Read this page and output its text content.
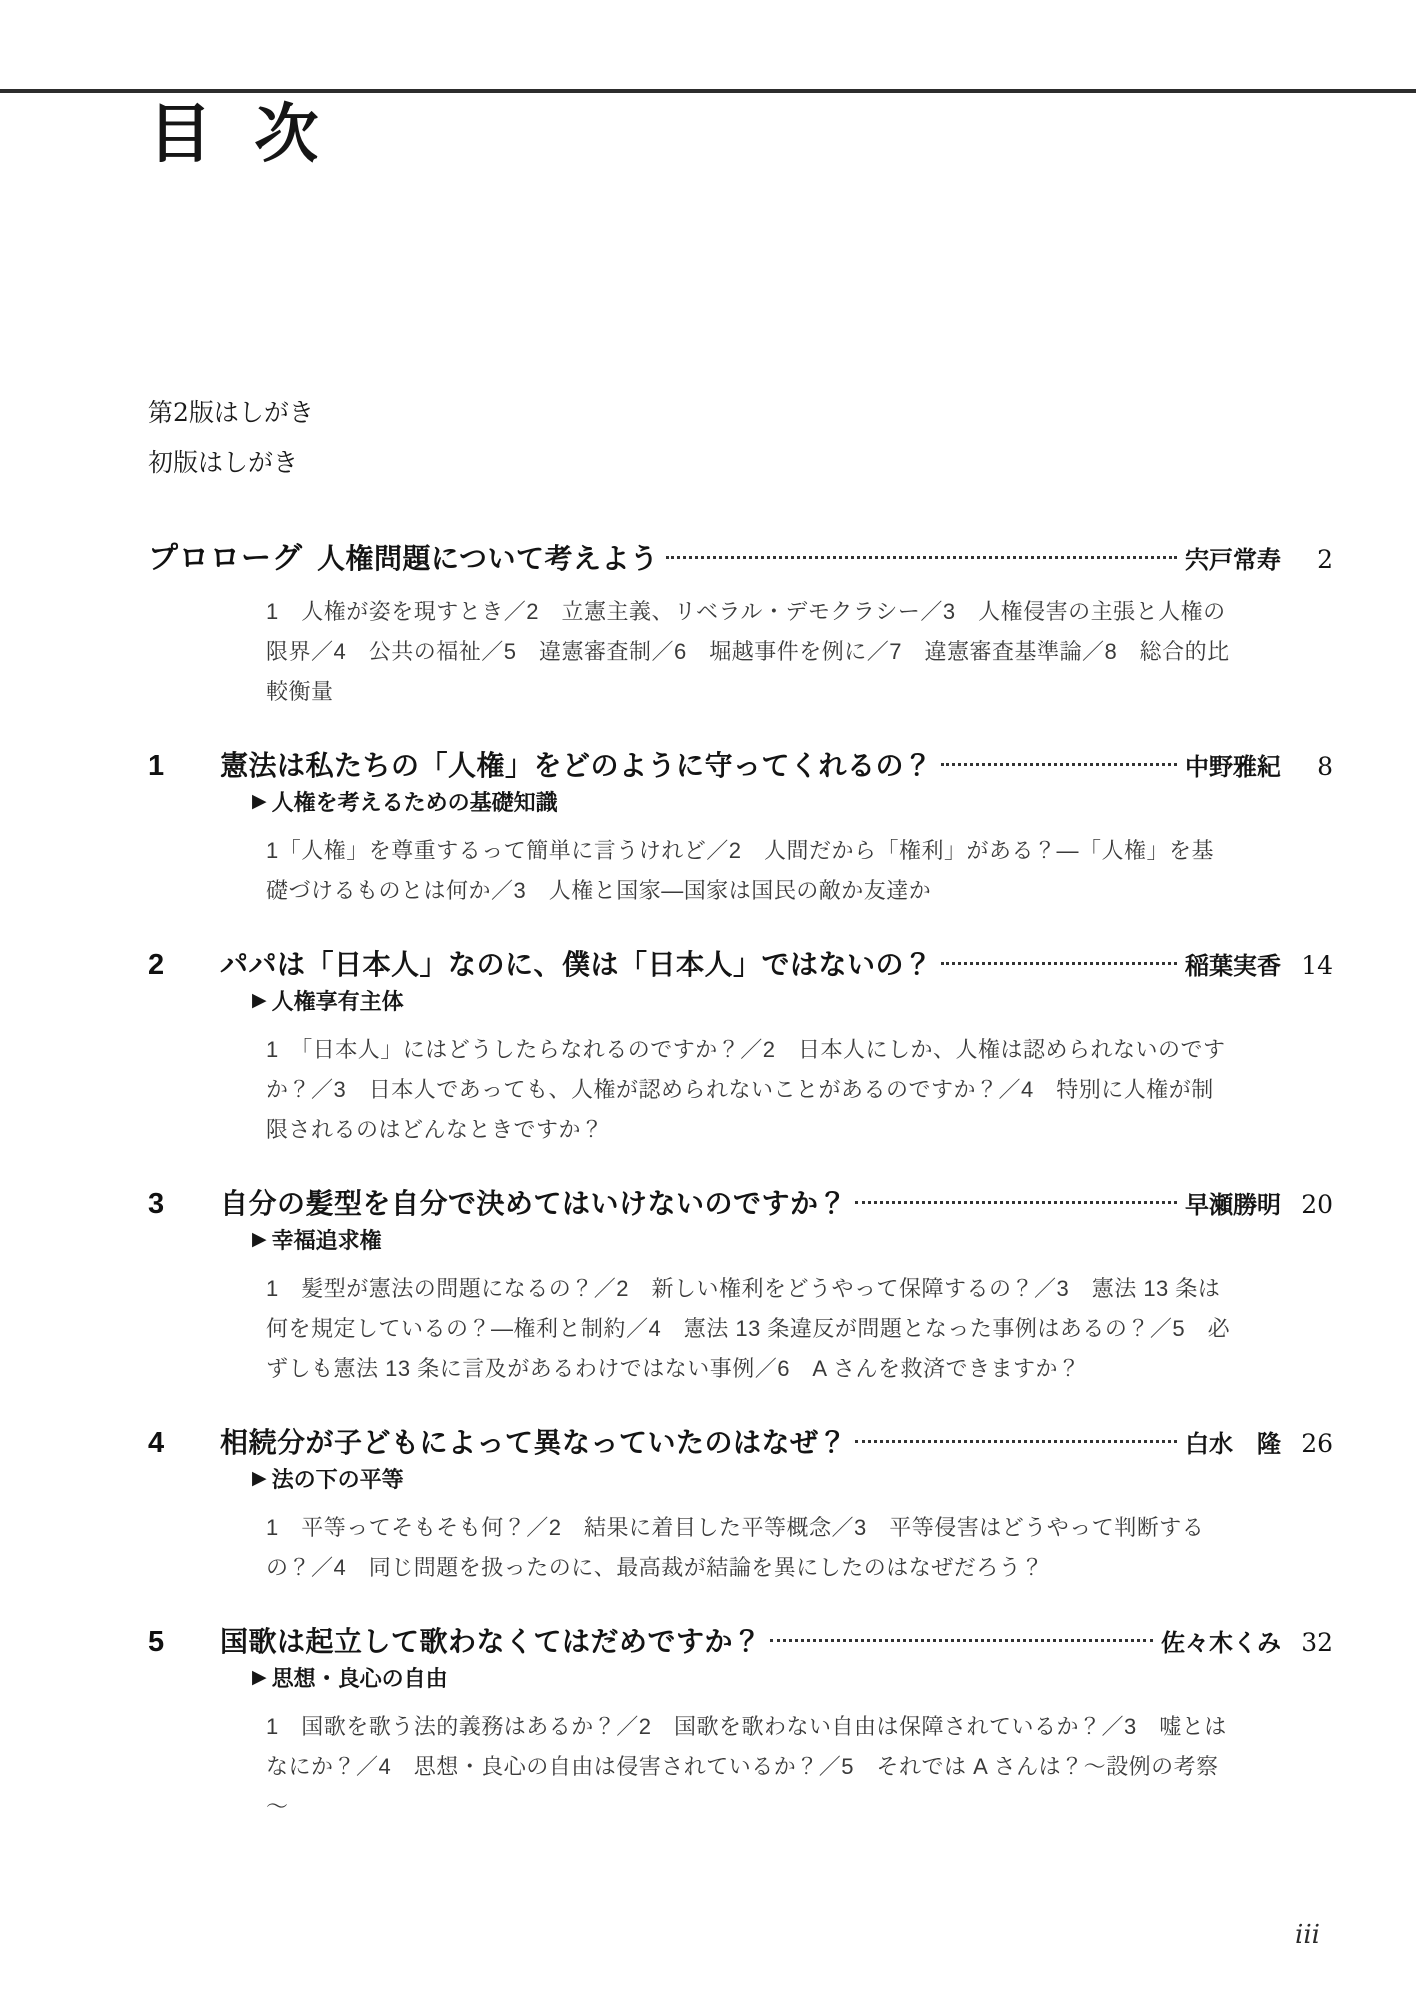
目 次
第2版はしがき
初版はしがき
プロローグ 人権問題について考えよう	宍戸常寿	2

1　人権が姿を現すとき／2　立憲主義、リベラル・デモクラシー／3　人権侵害の主張と人権の限界／4　公共の福祉／5　違憲審査制／6　堀越事件を例に／7　違憲審査基準論／8　総合的比較衡量

1	憲法は私たちの「人権」をどのように守ってくれるの？	中野雅紀	8
▶ 人権を考えるための基礎知識

1「人権」を尊重するって簡単に言うけれど／2　人間だから「権利」がある？―「人権」を基礎づけるものとは何か／3　人権と国家―国家は国民の敵か友達か

2	パパは「日本人」なのに、僕は「日本人」ではないの？	稲葉実香 14
▶ 人権享有主体

1　「日本人」にはどうしたらなれるのですか？／2　日本人にしか、人権は認められないのですか？／3　日本人であっても、人権が認められないことがあるのですか？／4　特別に人権が制限されるのはどんなときですか？

3	自分の髪型を自分で決めてはいけないのですか？	早瀬勝明 20
▶ 幸福追求権

1　髪型が憲法の問題になるの？／2　新しい権利をどうやって保障するの？／3　憲法 13 条は何を規定しているの？―権利と制約／4　憲法 13 条違反が問題となった事例はあるの？／5　必ずしも憲法 13 条に言及があるわけではない事例／6　A さんを救済できますか？

4	相続分が子どもによって異なっていたのはなぜ？	白水　隆 26
▶ 法の下の平等

1　平等ってそもそも何？／2　結果に着目した平等概念／3　平等侵害はどうやって判断するの？／4　同じ問題を扱ったのに、最高裁が結論を異にしたのはなぜだろう？

5	国歌は起立して歌わなくてはだめですか？	佐々木くみ 32
▶ 思想・良心の自由

1　国歌を歌う法的義務はあるか？／2　国歌を歌わない自由は保障されているか？／3　嘘とはなにか？／4　思想・良心の自由は侵害されているか？／5　それでは A さんは？～設例の考察～

iii
